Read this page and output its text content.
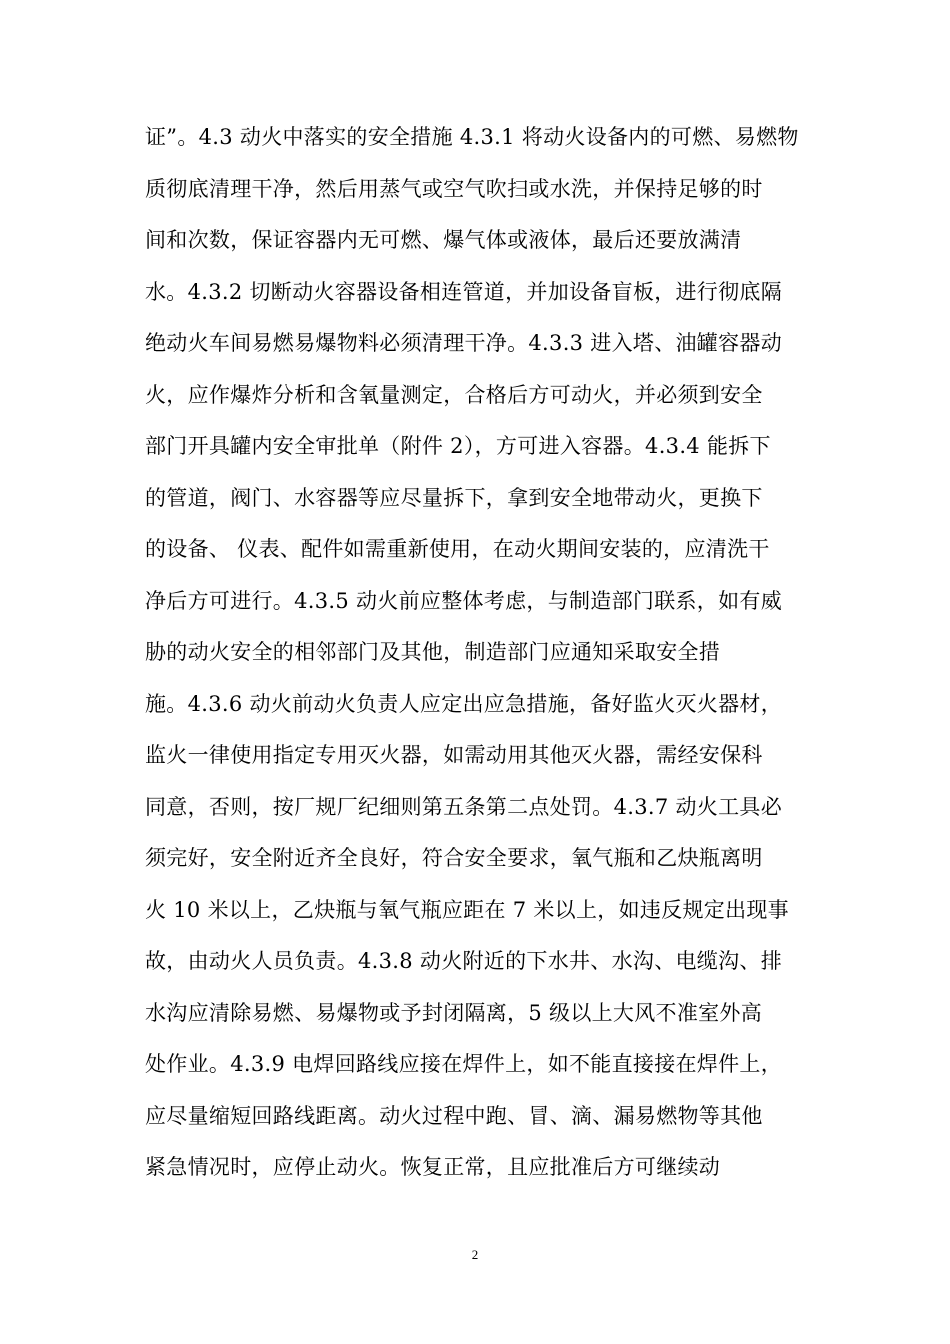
证”。4.3 动火中落实的安全措施 4.3.1 将动火设备内的可燃、易燃物
质彻底清理干净，然后用蒸气或空气吹扫或水洗，并保持足够的时
间和次数，保证容器内无可燃、爆气体或液体，最后还要放满清
水。4.3.2 切断动火容器设备相连管道，并加设备盲板，进行彻底隔
绝动火车间易燃易爆物料必须清理干净。4.3.3 进入塔、油罐容器动
火，应作爆炸分析和含氧量测定，合格后方可动火，并必须到安全
部门开具罐内安全审批单（附件 2），方可进入容器。4.3.4 能拆下
的管道，阀门、水容器等应尽量拆下，拿到安全地带动火，更换下
的设备、 仪表、配件如需重新使用，在动火期间安装的，应清洗干
净后方可进行。4.3.5 动火前应整体考虑，与制造部门联系，如有威
胁的动火安全的相邻部门及其他，制造部门应通知采取安全措
施。4.3.6 动火前动火负责人应定出应急措施，备好监火灭火器材，
监火一律使用指定专用灭火器，如需动用其他灭火器，需经安保科
同意，否则，按厂规厂纪细则第五条第二点处罚。4.3.7 动火工具必
须完好，安全附近齐全良好，符合安全要求，氧气瓶和乙炔瓶离明
火 10 米以上，乙炔瓶与氧气瓶应距在 7 米以上，如违反规定出现事
故，由动火人员负责。4.3.8 动火附近的下水井、水沟、电缆沟、排
水沟应清除易燃、易爆物或予封闭隔离，5 级以上大风不准室外高
处作业。4.3.9 电焊回路线应接在焊件上，如不能直接接在焊件上，
应尽量缩短回路线距离。动火过程中跑、冒、滴、漏易燃物等其他
紧急情况时，应停止动火。恢复正常，且应批准后方可继续动
2
